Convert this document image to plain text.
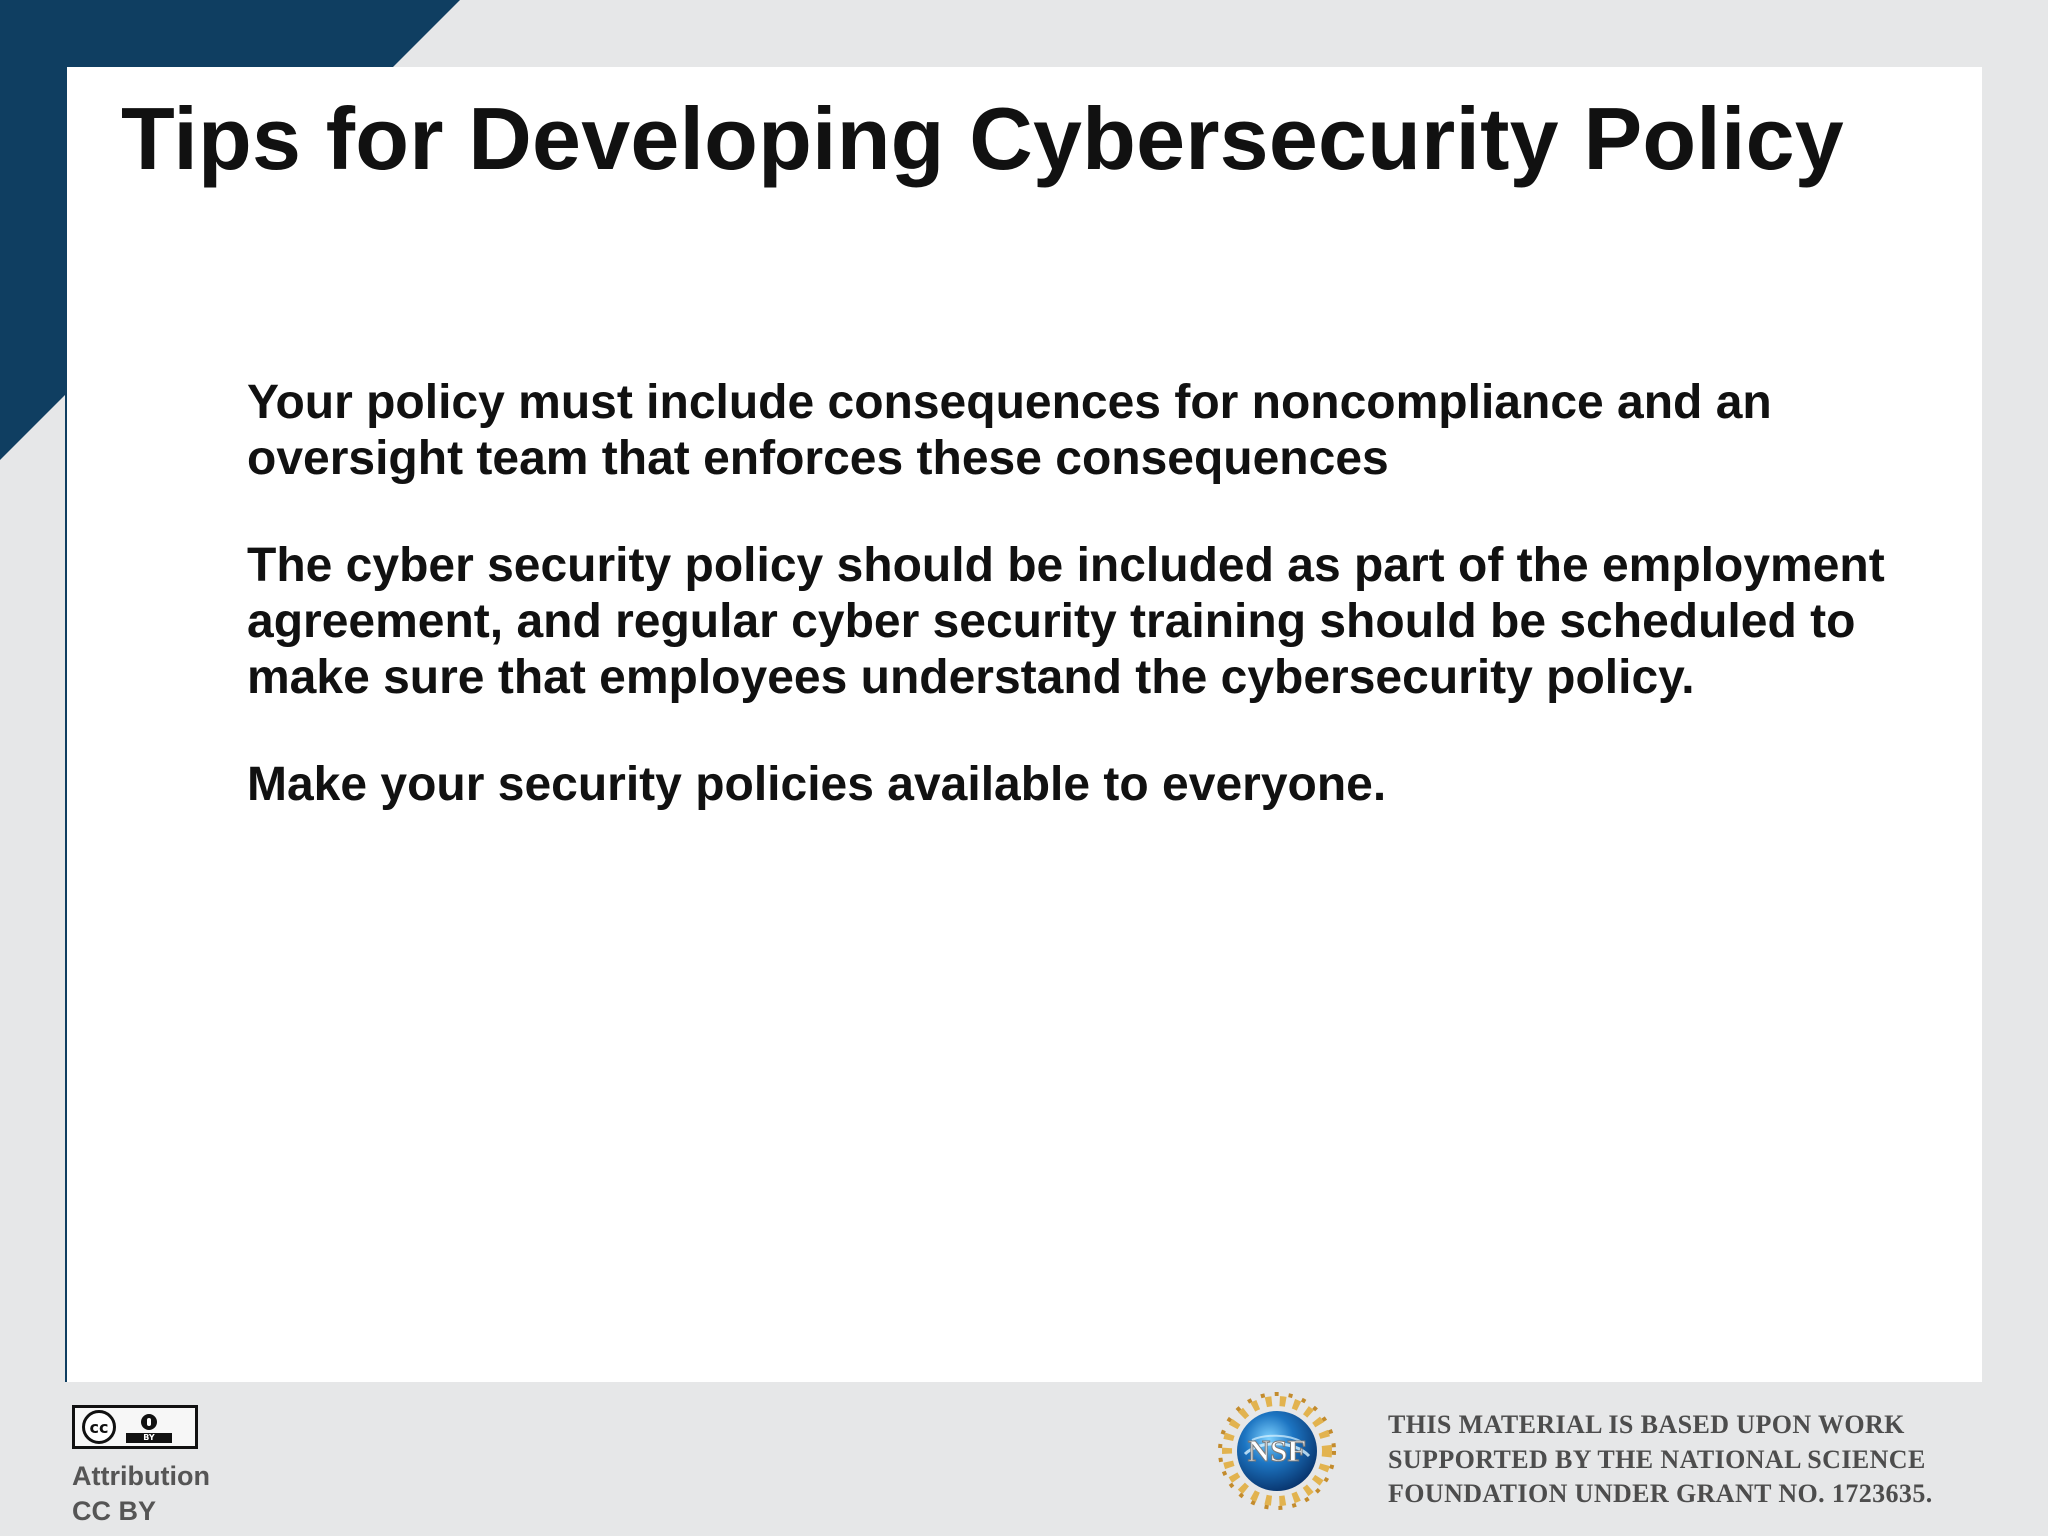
Tips for Developing Cybersecurity Policy

Your policy must include consequences for noncompliance and an oversight team that enforces these consequences

The cyber security policy should be included as part of the employment agreement, and regular cyber security training should be scheduled to make sure that employees understand the cybersecurity policy.

Make your security policies available to everyone.

cc
BY
Attribution
CC BY
NSF

THIS MATERIAL IS BASED UPON WORK SUPPORTED BY THE NATIONAL SCIENCE FOUNDATION UNDER GRANT NO. 1723635.
